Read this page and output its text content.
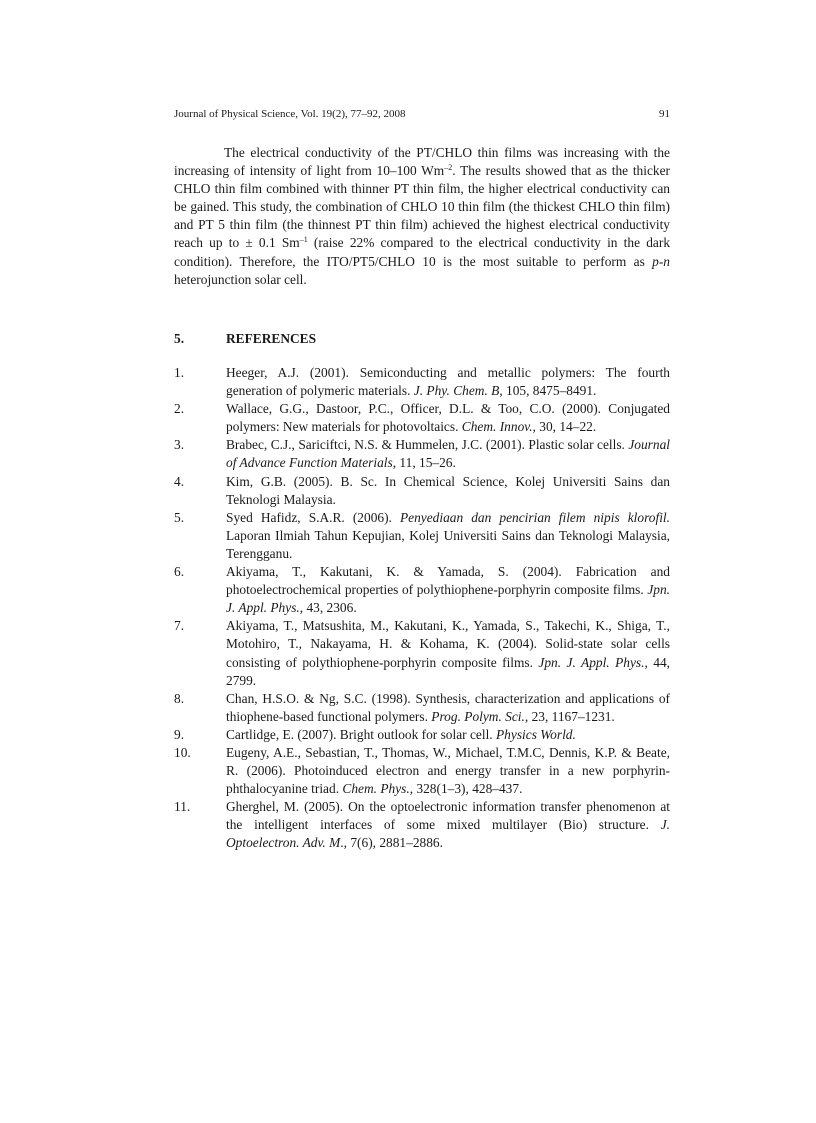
Journal of Physical Science, Vol. 19(2), 77–92, 2008	91

The electrical conductivity of the PT/CHLO thin films was increasing with the increasing of intensity of light from 10–100 $Wm^{-2}$. The results showed that as the thicker CHLO thin film combined with thinner PT thin film, the higher electrical conductivity can be gained. This study, the combination of CHLO 10 thin film (the thickest CHLO thin film) and PT 5 thin film (the thinnest PT thin film) achieved the highest electrical conductivity reach up to ± 0.1 $Sm^{-1}$ (raise 22% compared to the electrical conductivity in the dark condition). Therefore, the ITO/PT5/CHLO 10 is the most suitable to perform as p-n heterojunction solar cell.

5.	REFERENCES
1.	Heeger, A.J. (2001). Semiconducting and metallic polymers: The fourth generation of polymeric materials. J. Phy. Chem. B, 105, 8475–8491.
2.	Wallace, G.G., Dastoor, P.C., Officer, D.L. & Too, C.O. (2000). Conjugated polymers: New materials for photovoltaics. Chem. Innov., 30, 14–22.
3.	Brabec, C.J., Sariciftci, N.S. & Hummelen, J.C. (2001). Plastic solar cells. Journal of Advance Function Materials, 11, 15–26.
4.	Kim, G.B. (2005). B. Sc. In Chemical Science, Kolej Universiti Sains dan Teknologi Malaysia.
5.	Syed Hafidz, S.A.R. (2006). Penyediaan dan pencirian filem nipis klorofil. Laporan Ilmiah Tahun Kepujian, Kolej Universiti Sains dan Teknologi Malaysia, Terengganu.
6.	Akiyama, T., Kakutani, K. & Yamada, S. (2004). Fabrication and photoelectrochemical properties of polythiophene-porphyrin composite films. Jpn. J. Appl. Phys., 43, 2306.
7.	Akiyama, T., Matsushita, M., Kakutani, K., Yamada, S., Takechi, K., Shiga, T., Motohiro, T., Nakayama, H. & Kohama, K. (2004). Solid-state solar cells consisting of polythiophene-porphyrin composite films. Jpn. J. Appl. Phys., 44, 2799.
8.	Chan, H.S.O. & Ng, S.C. (1998). Synthesis, characterization and applications of thiophene-based functional polymers. Prog. Polym. Sci., 23, 1167–1231.
9.	Cartlidge, E. (2007). Bright outlook for solar cell. Physics World.
10.	Eugeny, A.E., Sebastian, T., Thomas, W., Michael, T.M.C, Dennis, K.P. & Beate, R. (2006). Photoinduced electron and energy transfer in a new porphyrin-phthalocyanine triad. Chem. Phys., 328(1–3), 428–437.
11.	Gherghel, M. (2005). On the optoelectronic information transfer phenomenon at the intelligent interfaces of some mixed multilayer (Bio) structure. J. Optoelectron. Adv. M., 7(6), 2881–2886.
